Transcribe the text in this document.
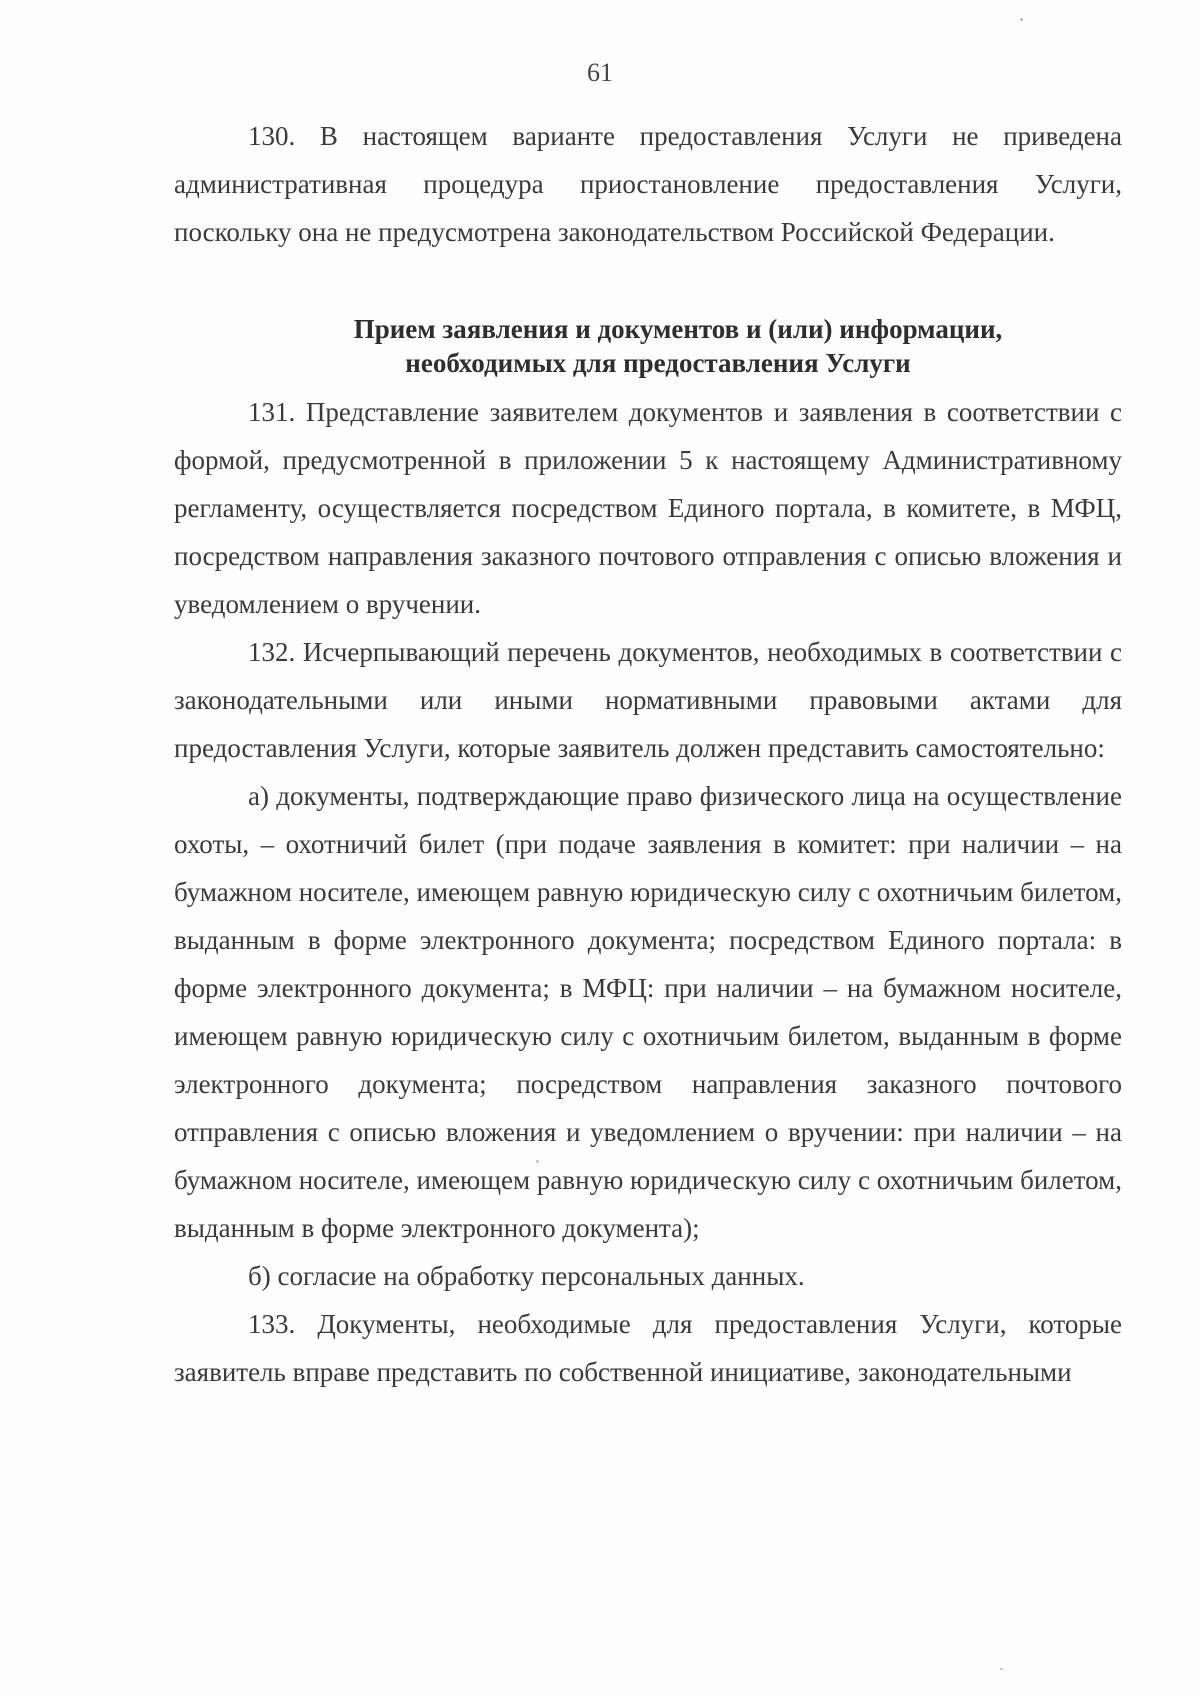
61

130. В настоящем варианте предоставления Услуги не приведена административная процедура приостановление предоставления Услуги, поскольку она не предусмотрена законодательством Российской Федерации.

Прием заявления и документов и (или) информации,
необходимых для предоставления Услуги

131. Представление заявителем документов и заявления в соответствии с формой, предусмотренной в приложении 5 к настоящему Административному регламенту, осуществляется посредством Единого портала, в комитете, в МФЦ, посредством направления заказного почтового отправления с описью вложения и уведомлением о вручении.

132. Исчерпывающий перечень документов, необходимых в соответствии с законодательными или иными нормативными правовыми актами для предоставления Услуги, которые заявитель должен представить самостоятельно:

а) документы, подтверждающие право физического лица на осуществление охоты, – охотничий билет (при подаче заявления в комитет: при наличии – на бумажном носителе, имеющем равную юридическую силу с охотничьим билетом, выданным в форме электронного документа; посредством Единого портала: в форме электронного документа; в МФЦ: при наличии – на бумажном носителе, имеющем равную юридическую силу с охотничьим билетом, выданным в форме электронного документа; посредством направления заказного почтового отправления с описью вложения и уведомлением о вручении: при наличии – на бумажном носителе, имеющем равную юридическую силу с охотничьим билетом, выданным в форме электронного документа);

б) согласие на обработку персональных данных.

133. Документы, необходимые для предоставления Услуги, которые заявитель вправе представить по собственной инициативе, законодательными
